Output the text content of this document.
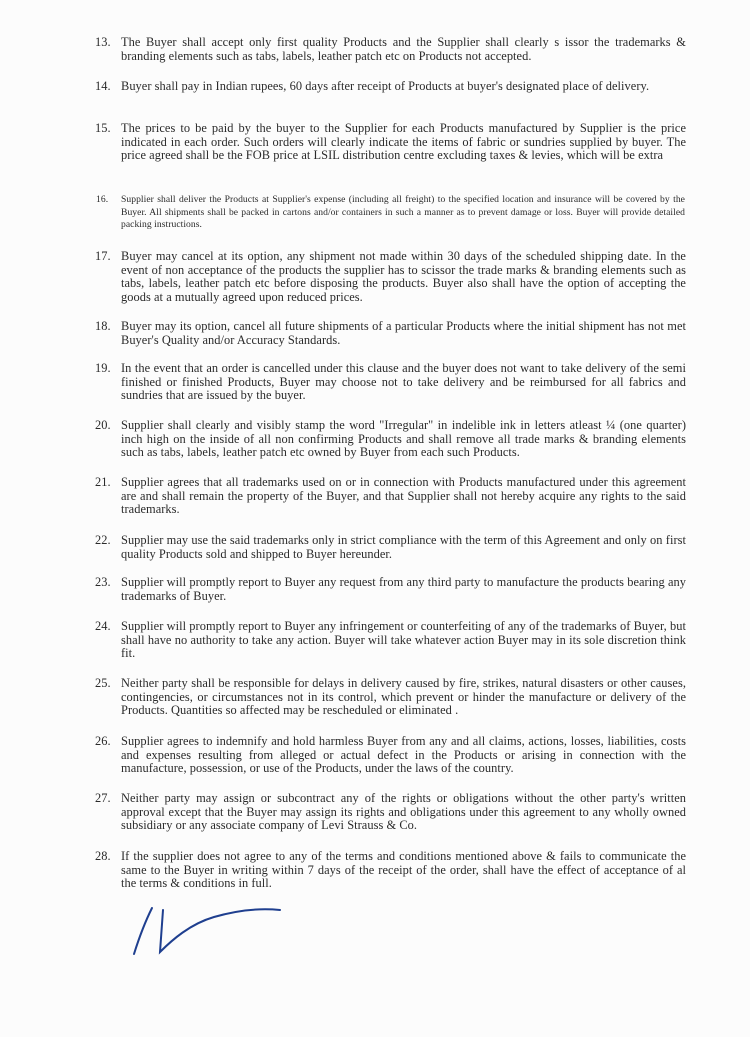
13. The Buyer shall accept only first quality Products and the Supplier shall clearly s issor the trademarks & branding elements such as tabs, labels, leather patch etc on Products not accepted.
14. Buyer shall pay in Indian rupees, 60 days after receipt of Products at buyer's designated place of delivery.
15. The prices to be paid by the buyer to the Supplier for each Products manufactured by Supplier is the price indicated in each order. Such orders will clearly indicate the items of fabric or sundries supplied by buyer. The price agreed shall be the FOB price at LSIL distribution centre excluding taxes & levies, which will be extra
16. Supplier shall deliver the Products at Supplier's expense (including all freight) to the specified location and insurance will be covered by the Buyer. All shipments shall be packed in cartons and/or containers in such a manner as to prevent damage or loss. Buyer will provide detailed packing instructions.
17. Buyer may cancel at its option, any shipment not made within 30 days of the scheduled shipping date. In the event of non acceptance of the products the supplier has to scissor the trade marks & branding elements such as tabs, labels, leather patch etc before disposing the products. Buyer also shall have the option of accepting the goods at a mutually agreed upon reduced prices.
18. Buyer may its option, cancel all future shipments of a particular Products where the initial shipment has not met Buyer's Quality and/or Accuracy Standards.
19. In the event that an order is cancelled under this clause and the buyer does not want to take delivery of the semi finished or finished Products, Buyer may choose not to take delivery and be reimbursed for all fabrics and sundries that are issued by the buyer.
20. Supplier shall clearly and visibly stamp the word "Irregular" in indelible ink in letters atleast ¼ (one quarter) inch high on the inside of all non confirming Products and shall remove all trade marks & branding elements such as tabs, labels, leather patch etc owned by Buyer from each such Products.
21. Supplier agrees that all trademarks used on or in connection with Products manufactured under this agreement are and shall remain the property of the Buyer, and that Supplier shall not hereby acquire any rights to the said trademarks.
22. Supplier may use the said trademarks only in strict compliance with the term of this Agreement and only on first quality Products sold and shipped to Buyer hereunder.
23. Supplier will promptly report to Buyer any request from any third party to manufacture the products bearing any trademarks of Buyer.
24. Supplier will promptly report to Buyer any infringement or counterfeiting of any of the trademarks of Buyer, but shall have no authority to take any action. Buyer will take whatever action Buyer may in its sole discretion think fit.
25. Neither party shall be responsible for delays in delivery caused by fire, strikes, natural disasters or other causes, contingencies, or circumstances not in its control, which prevent or hinder the manufacture or delivery of the Products. Quantities so affected may be rescheduled or eliminated .
26. Supplier agrees to indemnify and hold harmless Buyer from any and all claims, actions, losses, liabilities, costs and expenses resulting from alleged or actual defect in the Products or arising in connection with the manufacture, possession, or use of the Products, under the laws of the country.
27. Neither party may assign or subcontract any of the rights or obligations without the other party's written approval except that the Buyer may assign its rights and obligations under this agreement to any wholly owned subsidiary or any associate company of Levi Strauss & Co.
28. If the supplier does not agree to any of the terms and conditions mentioned above & fails to communicate the same to the Buyer in writing within 7 days of the receipt of the order, shall have the effect of acceptance of al the terms & conditions in full.
